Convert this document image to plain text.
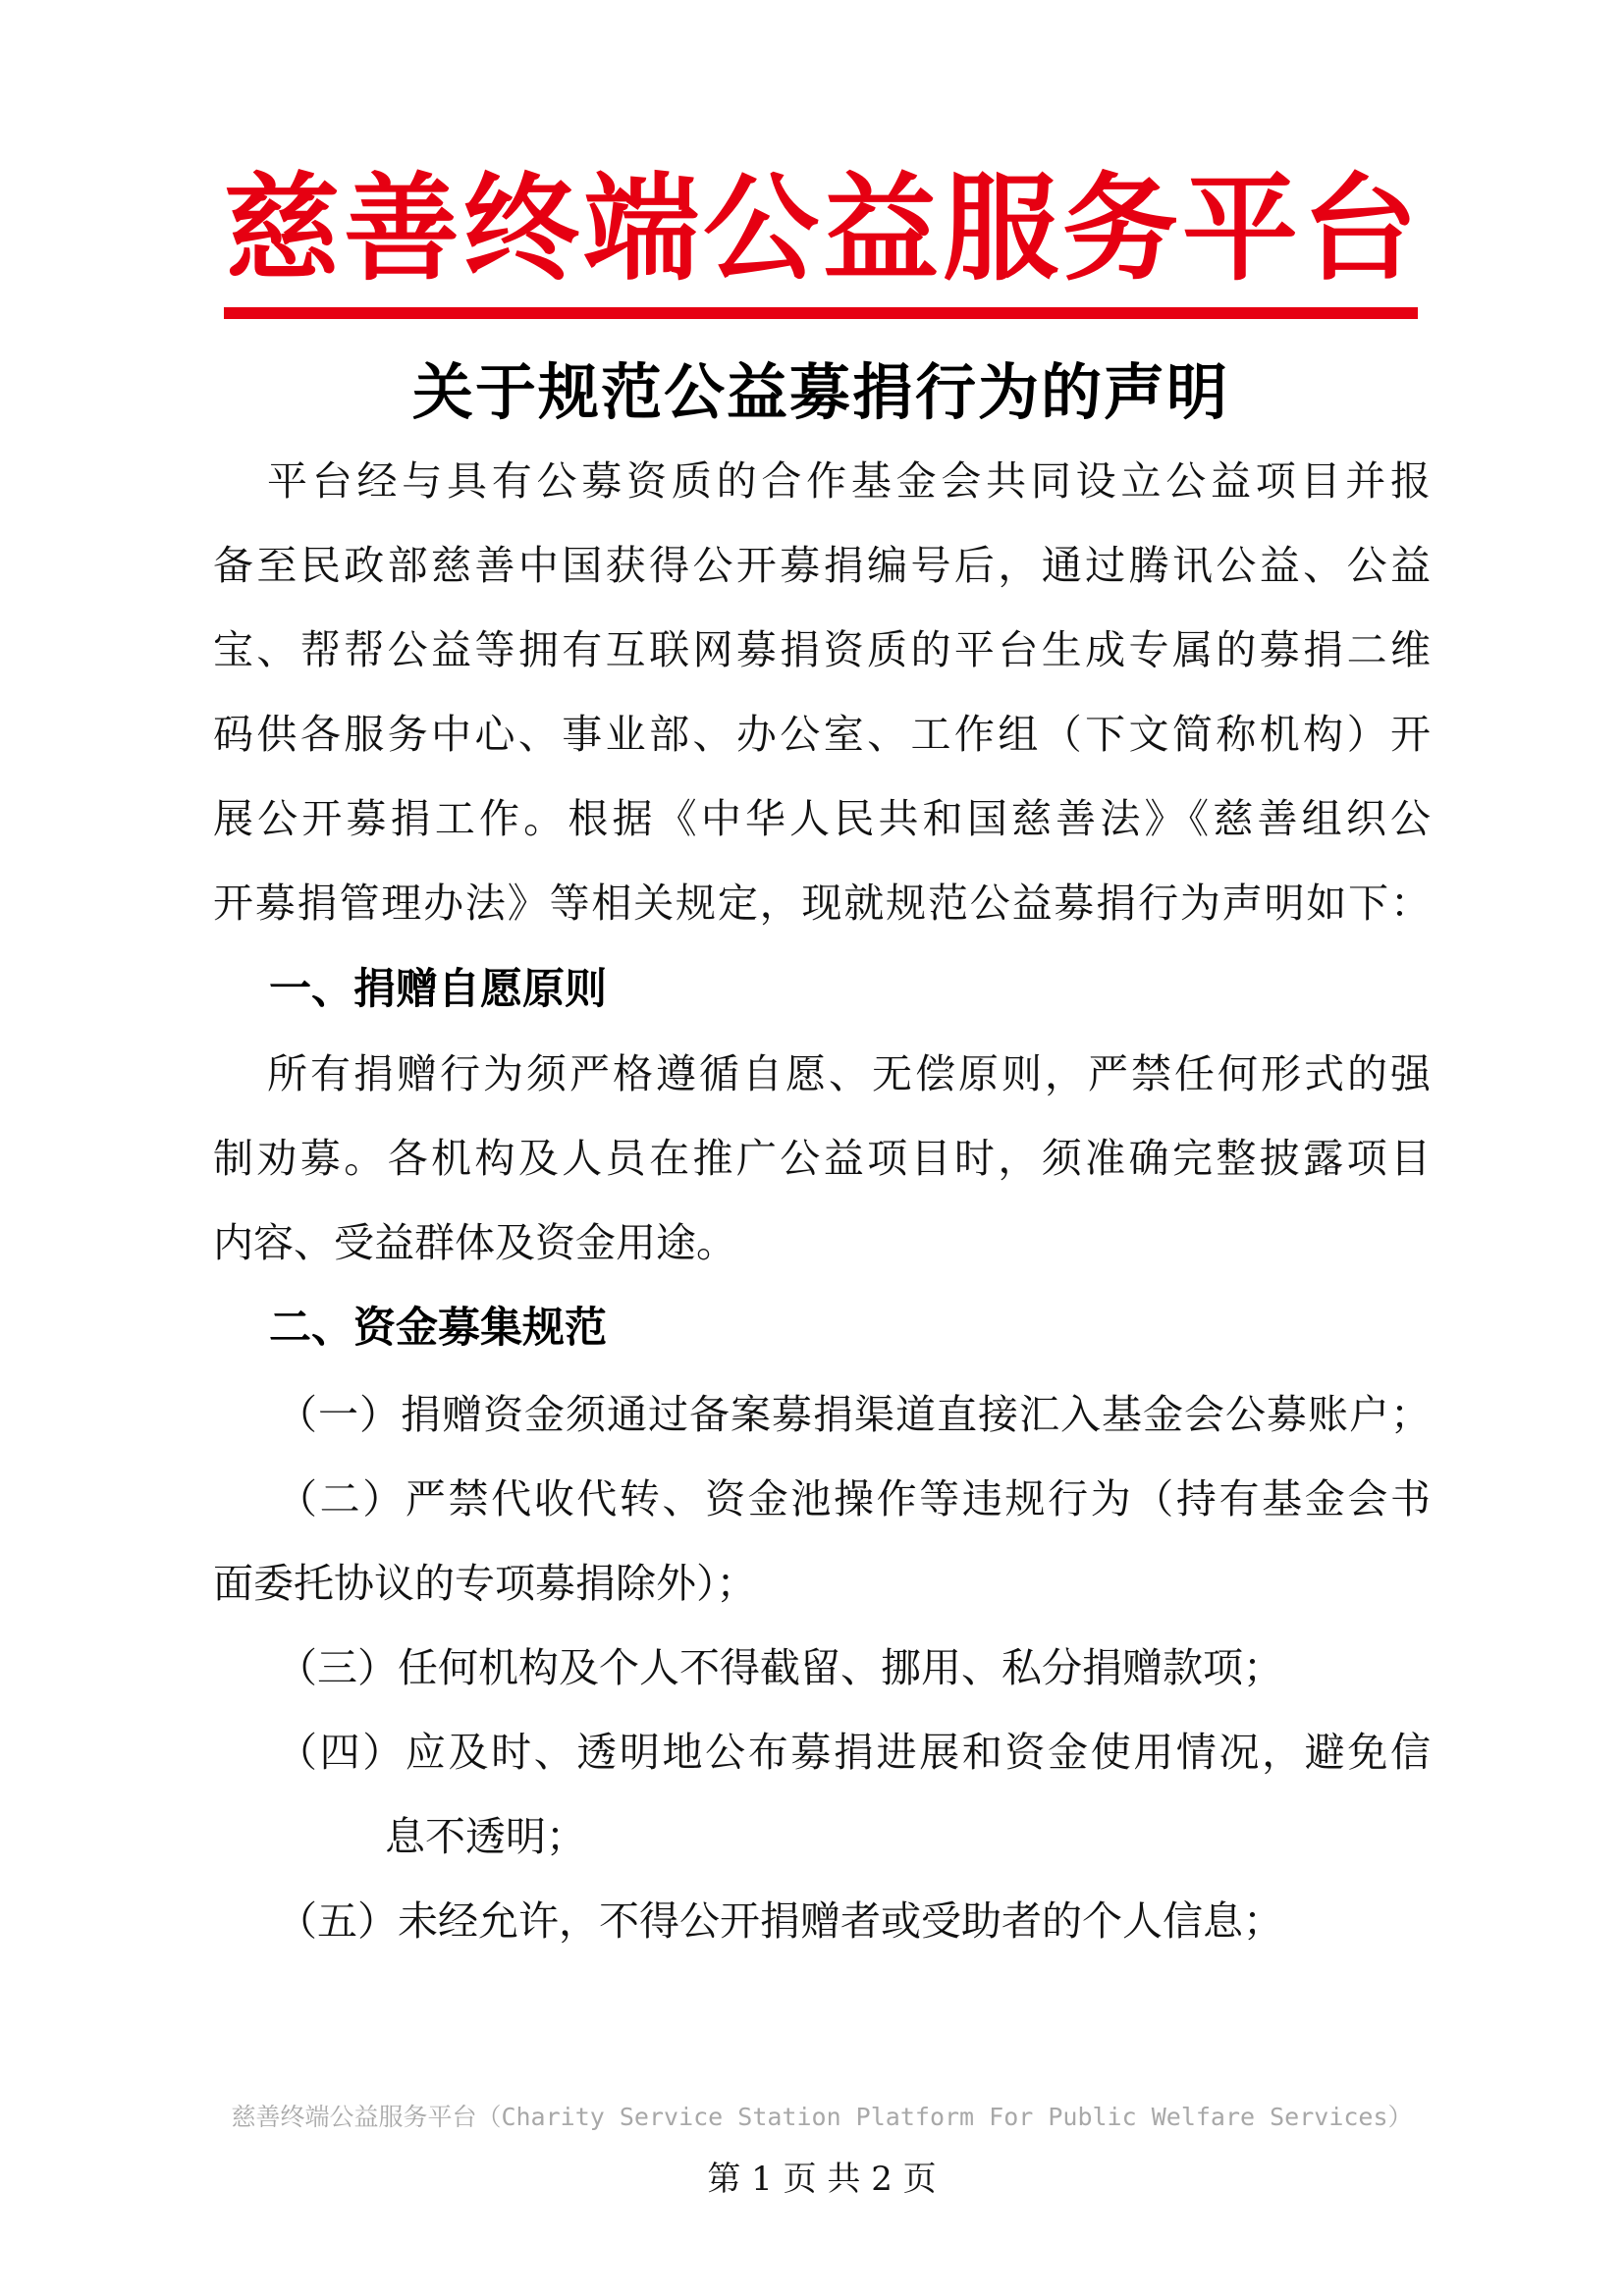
慈善终端公益服务平台
关于规范公益募捐行为的声明
平台经与具有公募资质的合作基金会共同设立公益项目并报
备至民政部慈善中国获得公开募捐编号后，通过腾讯公益、公益
宝、帮帮公益等拥有互联网募捐资质的平台生成专属的募捐二维
码供各服务中心、事业部、办公室、工作组（下文简称机构）开
展公开募捐工作。根据《中华人民共和国慈善法》《慈善组织公
开募捐管理办法》等相关规定，现就规范公益募捐行为声明如下：
一、捐赠自愿原则
所有捐赠行为须严格遵循自愿、无偿原则，严禁任何形式的强
制劝募。各机构及人员在推广公益项目时，须准确完整披露项目
内容、受益群体及资金用途。
二、资金募集规范
（一）捐赠资金须通过备案募捐渠道直接汇入基金会公募账户；
（二）严禁代收代转、资金池操作等违规行为（持有基金会书
面委托协议的专项募捐除外）；
（三）任何机构及个人不得截留、挪用、私分捐赠款项；
（四）应及时、透明地公布募捐进展和资金使用情况，避免信
息不透明；
（五）未经允许，不得公开捐赠者或受助者的个人信息；
慈善终端公益服务平台（Charity Service Station Platform For Public Welfare Services）
第 1 页 共 2 页
